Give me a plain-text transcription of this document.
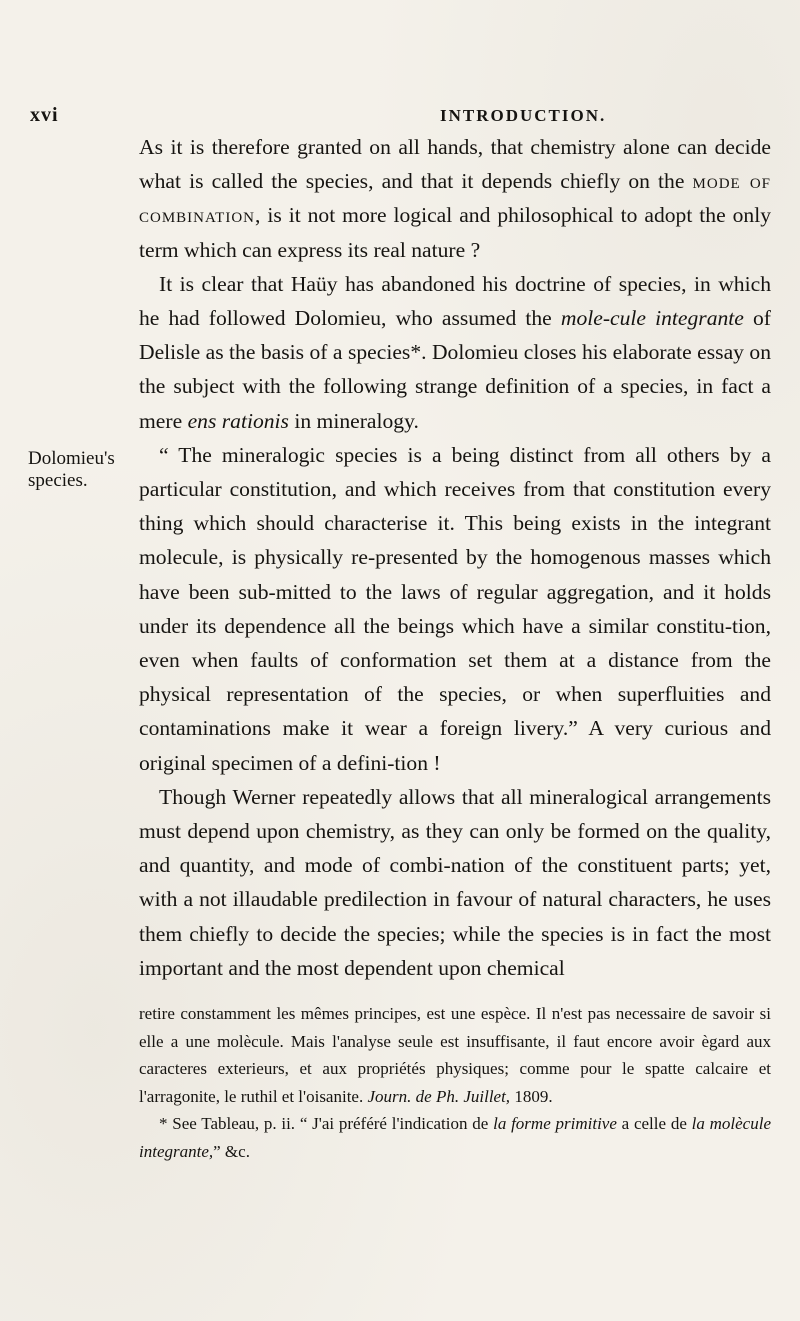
xvi	INTRODUCTION.
Dolomieu's
species.

As it is therefore granted on all hands, that chemistry alone can decide what is called the species, and that it depends chiefly on the mode of combination, is it not more logical and philosophical to adopt the only term which can express its real nature ?

It is clear that Haüy has abandoned his doctrine of species, in which he had followed Dolomieu, who assumed the mole-cule integrante of Delisle as the basis of a species*. Dolomieu closes his elaborate essay on the subject with the following strange definition of a species, in fact a mere ens rationis in mineralogy.

“ The mineralogic species is a being distinct from all others by a particular constitution, and which receives from that constitution every thing which should characterise it. This being exists in the integrant molecule, is physically re-presented by the homogenous masses which have been sub-mitted to the laws of regular aggregation, and it holds under its dependence all the beings which have a similar constitu-tion, even when faults of conformation set them at a distance from the physical representation of the species, or when superfluities and contaminations make it wear a foreign livery.” A very curious and original specimen of a defini-tion !

Though Werner repeatedly allows that all mineralogical arrangements must depend upon chemistry, as they can only be formed on the quality, and quantity, and mode of combi-nation of the constituent parts; yet, with a not illaudable predilection in favour of natural characters, he uses them chiefly to decide the species; while the species is in fact the most important and the most dependent upon chemical

retire constamment les mêmes principes, est une espèce. Il n'est pas necessaire de savoir si elle a une molècule. Mais l'analyse seule est insuffisante, il faut encore avoir ègard aux caracteres exterieurs, et aux propriétés physiques; comme pour le spatte calcaire et l'arragonite, le ruthil et l'oisanite. Journ. de Ph. Juillet, 1809.

* See Tableau, p. ii. “ J'ai préféré l'indication de la forme primitive a celle de la molècule integrante,” &c.
